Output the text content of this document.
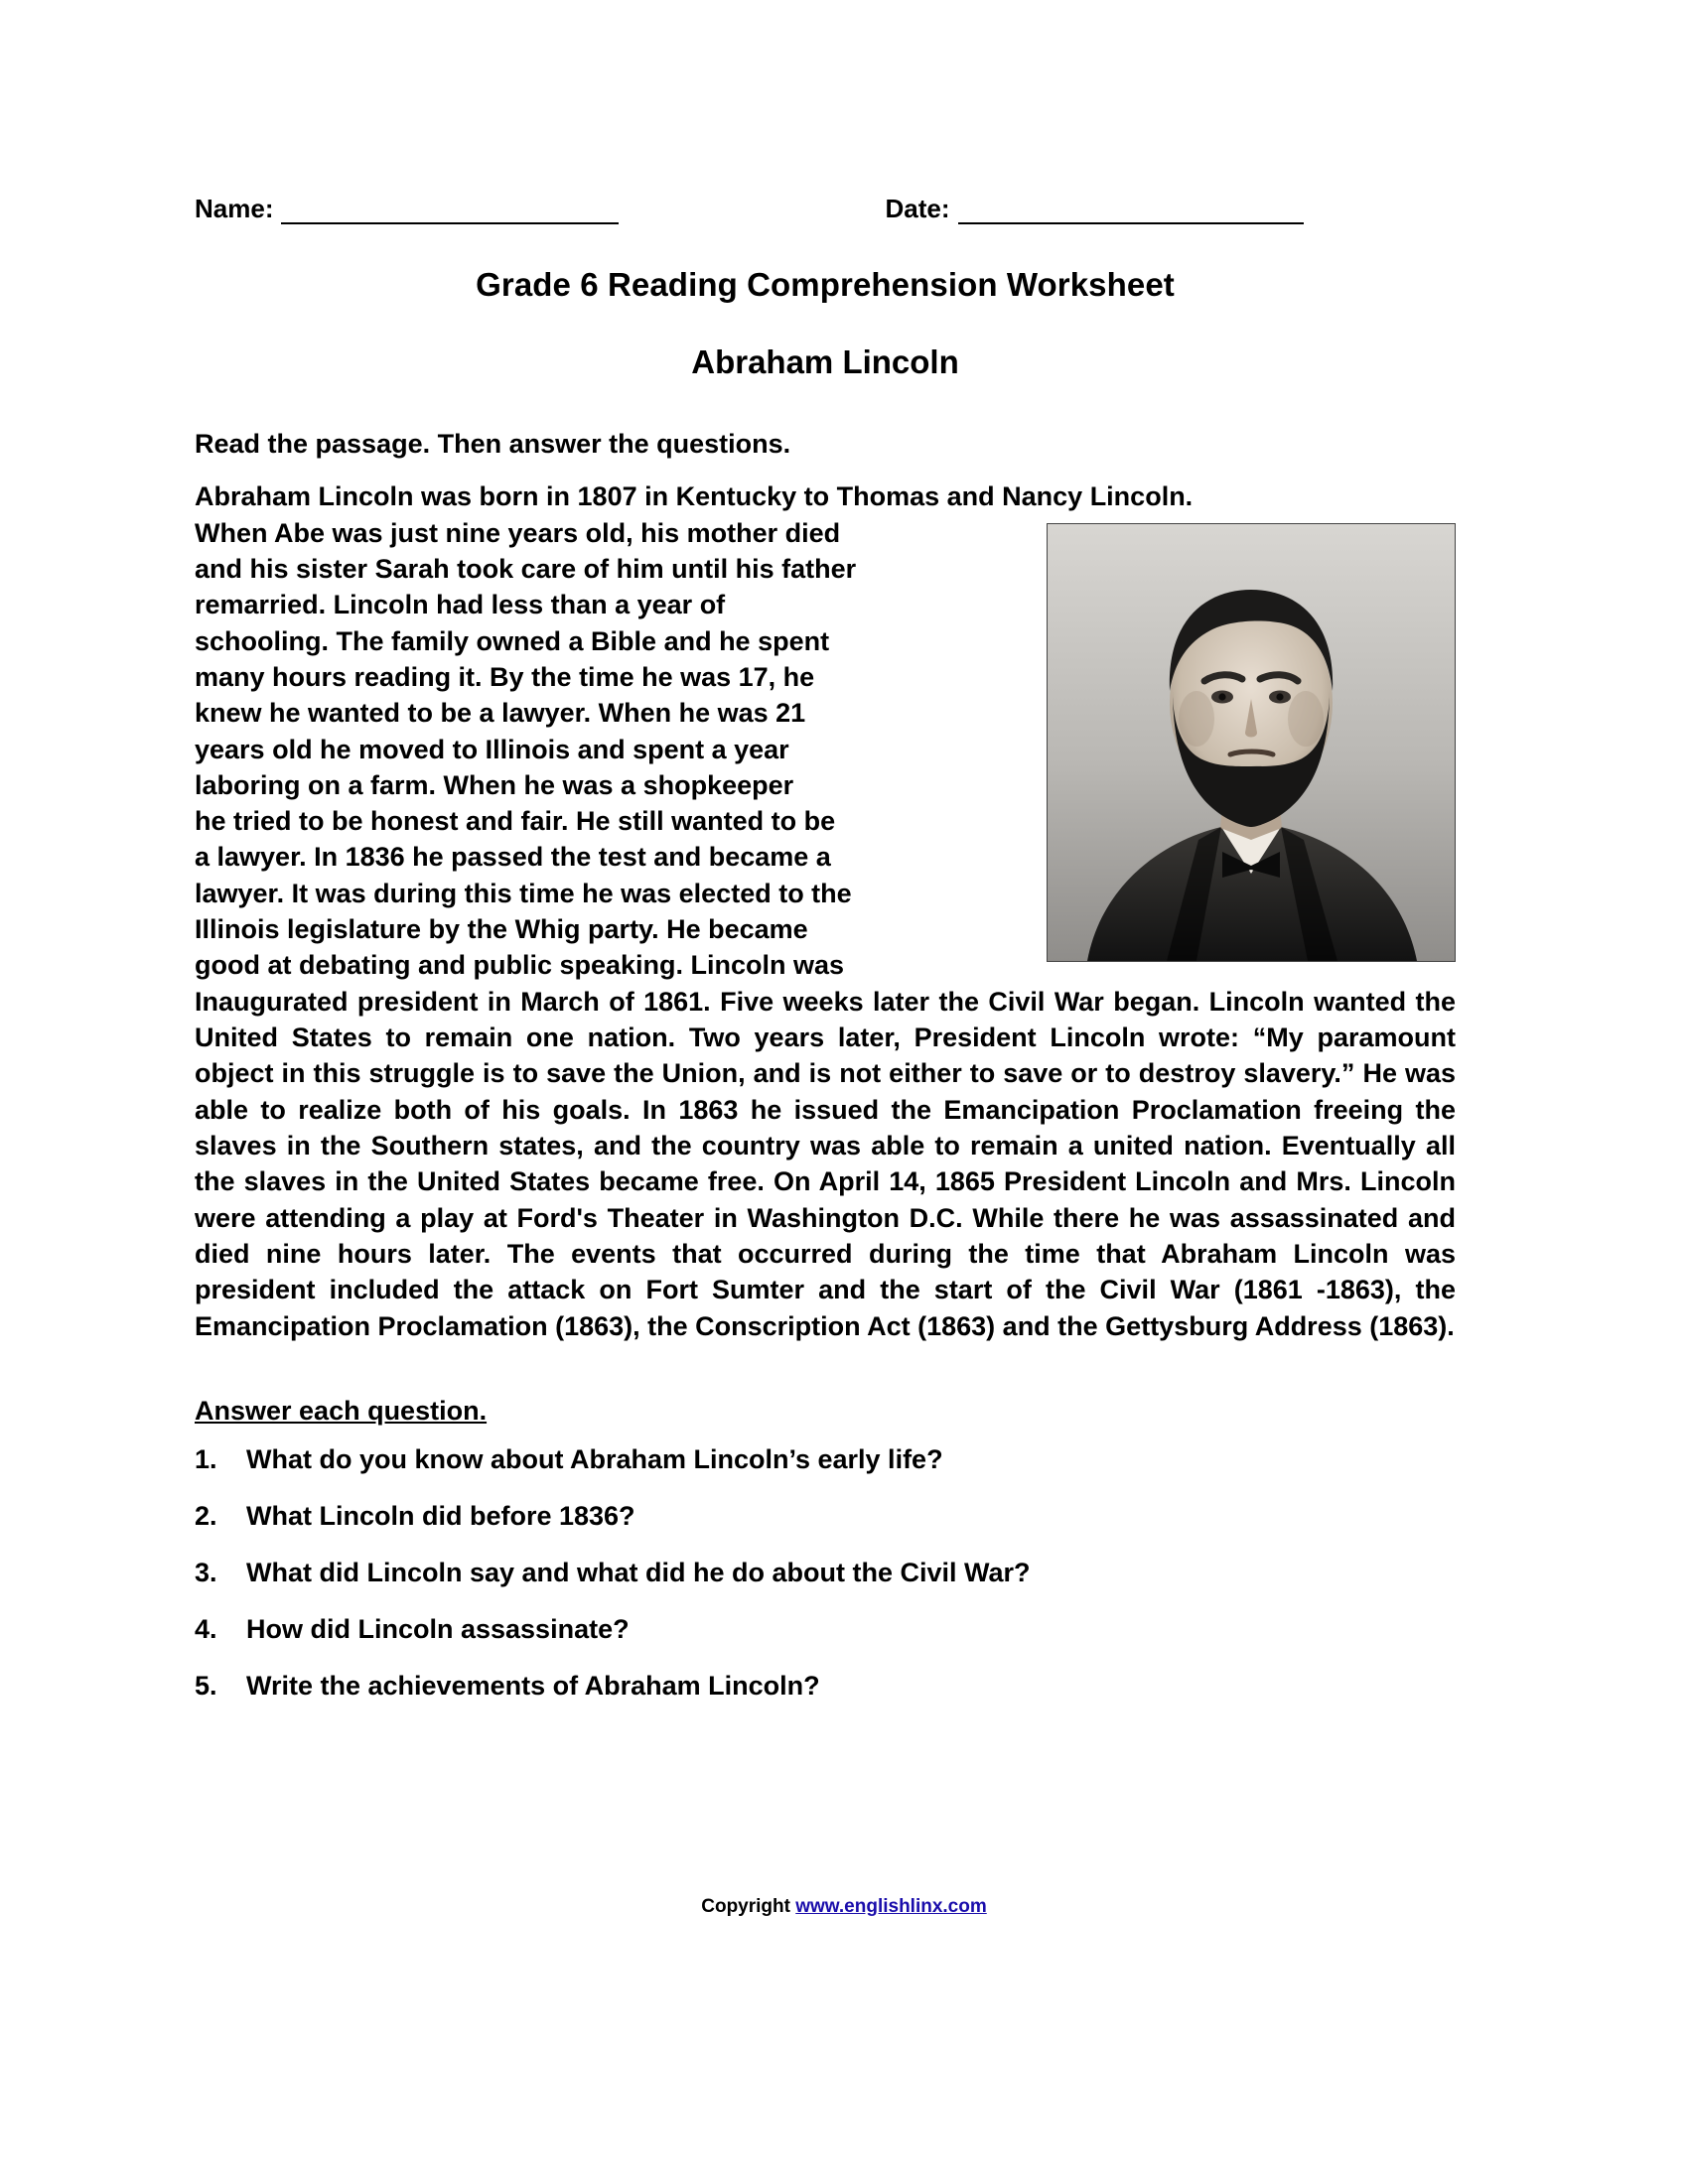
Name:	Date:
Grade 6 Reading Comprehension Worksheet
Abraham Lincoln
Read the passage. Then answer the questions.

Abraham Lincoln was born in 1807 in Kentucky to Thomas and Nancy Lincoln.

When Abe was just nine years old, his mother died
and his sister Sarah took care of him until his father
remarried. Lincoln had less than a year of
schooling. The family owned a Bible and he spent
many hours reading it. By the time he was 17, he
knew he wanted to be a lawyer. When he was 21
years old he moved to Illinois and spent a year
laboring on a farm. When he was a shopkeeper
he tried to be honest and fair. He still wanted to be
a lawyer. In 1836 he passed the test and became a
lawyer. It was during this time he was elected to the
Illinois legislature by the Whig party. He became
good at debating and public speaking. Lincoln was

Inaugurated president in March of 1861. Five weeks later the Civil War began. Lincoln wanted the United States to remain one nation. Two years later, President Lincoln wrote: “My paramount object in this struggle is to save the Union, and is not either to save or to destroy slavery.” He was able to realize both of his goals. In 1863 he issued the Emancipation Proclamation freeing the slaves in the Southern states, and the country was able to remain a united nation. Eventually all the slaves in the United States became free. On April 14, 1865 President Lincoln and Mrs. Lincoln were attending a play at Ford's Theater in Washington D.C. While there he was assassinated and died nine hours later. The events that occurred during the time that Abraham Lincoln was president included the attack on Fort Sumter and the start of the Civil War (1861 -1863), the Emancipation Proclamation (1863), the Conscription Act (1863) and the Gettysburg Address (1863).

Answer each question.
1.	What do you know about Abraham Lincoln’s early life?
2.	What Lincoln did before 1836?
3.	What did Lincoln say and what did he do about the Civil War?
4.	How did Lincoln assassinate?
5.	Write the achievements of Abraham Lincoln?
Copyright www.englishlinx.com
